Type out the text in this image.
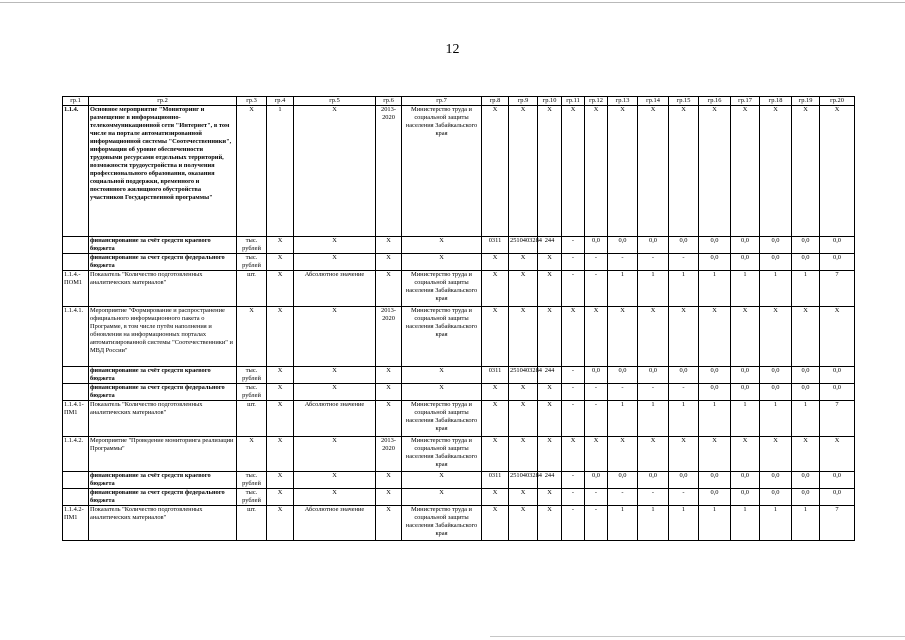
12
гр.1	гр.2	гр.3	гр.4	гр.5	гр.6	гр.7	гр.8	гр.9	гр.10	гр.11	гр.12	гр.13	гр.14	гр.15	гр.16	гр.17	гр.18	гр.19	гр.20
1.1.4.	Основное мероприятие "Мониторинг и размещение в информационно-телекоммуникационной сети "Интернет", в том числе на портале автоматизированной информационной системы "Соотечественники", информации об уровне обеспеченности трудовыми ресурсами отдельных территорий, возможности трудоустройства и получения профессионального образования, оказания социальной поддержки, временного и постоянного жилищного обустройства участников Государственной программы"	X	1	X	2013-2020	Министерство труда и социальной защиты населения Забайкальского края	X	X	X	X	X	X	X	X	X	X	X	X	X
	финансирование за счёт средств краевого бюджета	тыс. рублей	X	X	X	X	0311	2510403284	244	-	0,0	0,0	0,0	0,0	0,0	0,0	0,0	0,0	0,0
	финансирование за счет средств федерального бюджета	тыс. рублей	X	X	X	X	X	X	X	-	-	-	-	-	0,0	0,0	0,0	0,0	0,0
1.1.4.-ПОМ1	Показатель "Количество подготовленных аналитических материалов"	шт.	X	Абсолютное значение	X	Министерство труда и социальной защиты населения Забайкальского края	X	X	X	-	-	1	1	1	1	1	1	1	7
1.1.4.1.	Мероприятие "Формирование и распространение официального информационного пакета о Программе, в том числе путём наполнения и обновления на информационных порталах автоматизированной системы "Соотечественники" и МВД России"	X	X	X	2013-2020	Министерство труда и социальной защиты населения Забайкальского края	X	X	X	X	X	X	X	X	X	X	X	X	X
	финансирование за счёт средств краевого бюджета	тыс. рублей	X	X	X	X	0311	2510403284	244	-	0,0	0,0	0,0	0,0	0,0	0,0	0,0	0,0	0,0
	финансирование за счет средств федерального бюджета	тыс. рублей	X	X	X	X	X	X	X	-	-	-	-	-	0,0	0,0	0,0	0,0	0,0
1.1.4.1-ПМ1	Показатель "Количество подготовленных аналитических материалов"	шт.	X	Абсолютное значение	X	Министерство труда и социальной защиты населения Забайкальского края	X	X	X	-	-	1	1	1	1	1	1	1	7
1.1.4.2.	Мероприятие "Проведение мониторинга реализации Программы"	X	X	X	2013-2020	Министерство труда и социальной защиты населения Забайкальского края	X	X	X	X	X	X	X	X	X	X	X	X	X
	финансирование за счёт средств краевого бюджета	тыс. рублей	X	X	X	X	0311	2510403284	244	-	0,0	0,0	0,0	0,0	0,0	0,0	0,0	0,0	0,0
	финансирование за счет средств федерального бюджета	тыс. рублей	X	X	X	X	X	X	X	-	-	-	-	-	0,0	0,0	0,0	0,0	0,0
1.1.4.2-ПМ1	Показатель "Количество подготовленных аналитических материалов"	шт.	X	Абсолютное значение	X	Министерство труда и социальной защиты населения Забайкальского края	X	X	X	-	-	1	1	1	1	1	1	1	7
